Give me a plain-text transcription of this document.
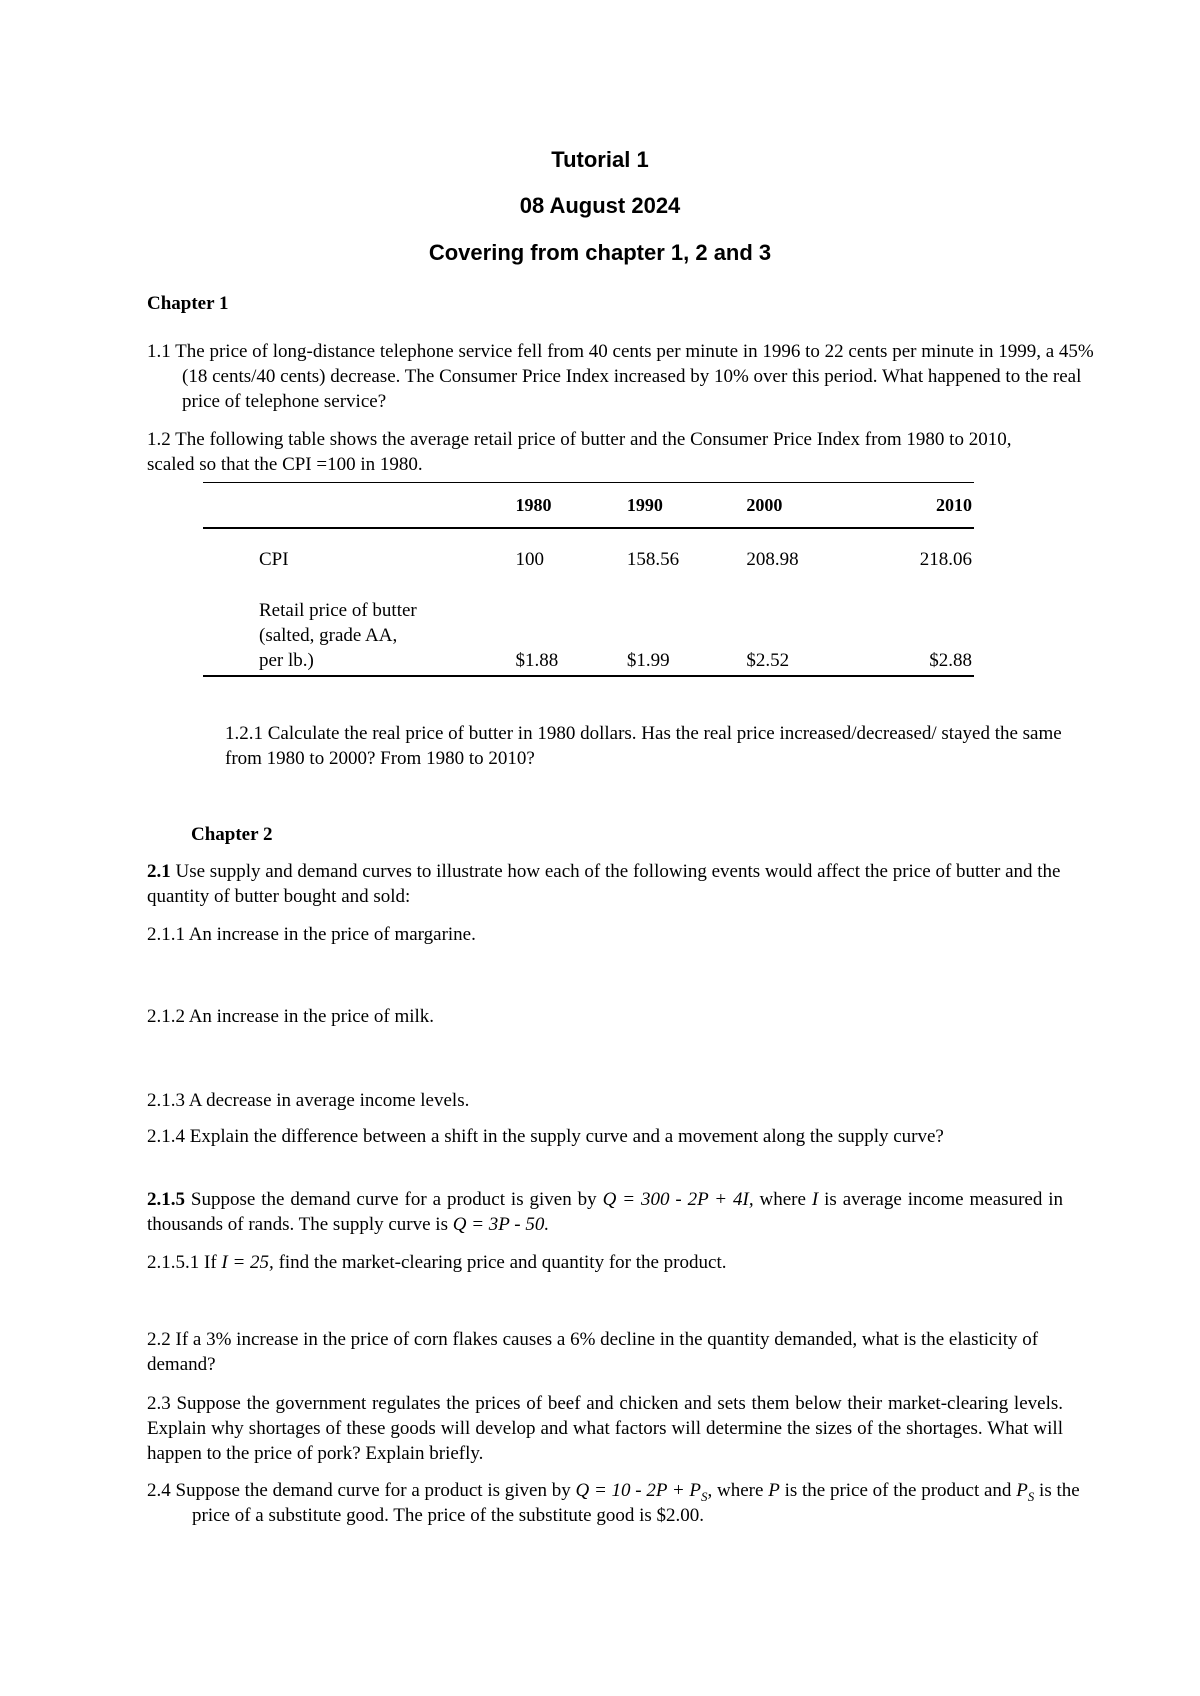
Tutorial 1
08 August 2024
Covering from chapter 1, 2 and 3
Chapter 1
1.1 The price of long-distance telephone service fell from 40 cents per minute in 1996 to 22 cents per minute in 1999, a 45% (18 cents/40 cents) decrease. The Consumer Price Index increased by 10% over this period. What happened to the real price of telephone service?
1.2 The following table shows the average retail price of butter and the Consumer Price Index from 1980 to 2010, scaled so that the CPI =100 in 1980.
	1980	1990	2000	2010
CPI	100	158.56	208.98	218.06

Retail price of butter
(salted, grade AA,
per lb.)	$1.88	$1.99	$2.52	$2.88
1.2.1 Calculate the real price of butter in 1980 dollars. Has the real price increased/decreased/ stayed the same from 1980 to 2000? From 1980 to 2010?
Chapter 2
2.1 Use supply and demand curves to illustrate how each of the following events would affect the price of butter and the quantity of butter bought and sold:
2.1.1 An increase in the price of margarine.
2.1.2 An increase in the price of milk.
2.1.3 A decrease in average income levels.
2.1.4 Explain the difference between a shift in the supply curve and a movement along the supply curve?
2.1.5 Suppose the demand curve for a product is given by Q = 300 - 2P + 4I, where I is average income measured in thousands of rands. The supply curve is Q = 3P - 50.
2.1.5.1 If I = 25, find the market-clearing price and quantity for the product.
2.2 If a 3% increase in the price of corn flakes causes a 6% decline in the quantity demanded, what is the elasticity of demand?
2.3 Suppose the government regulates the prices of beef and chicken and sets them below their market-clearing levels. Explain why shortages of these goods will develop and what factors will determine the sizes of the shortages. What will happen to the price of pork? Explain briefly.
2.4 Suppose the demand curve for a product is given by $Q = 10 - 2P + P_S$, where P is the price of the product and $P_S$ is the price of a substitute good. The price of the substitute good is $2.00.
